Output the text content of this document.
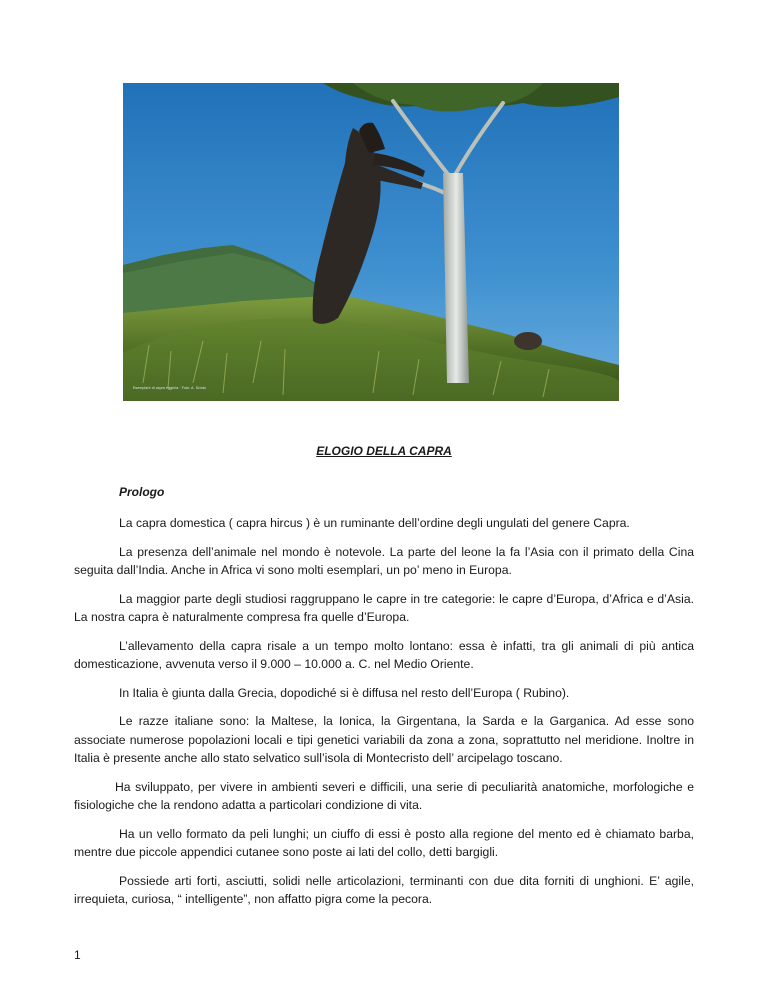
Esemplare di capra eggeria · Foto: A. Scintu
ELOGIO DELLA CAPRA
Prologo

La capra domestica ( capra hircus ) è un ruminante dell’ordine degli ungulati del genere Capra.

La presenza dell’animale nel mondo è notevole. La parte del leone la fa l’Asia con il primato della Cina seguita dall’India. Anche in Africa vi sono molti esemplari, un po’ meno in Europa.

La maggior parte degli studiosi raggruppano le capre in tre categorie: le capre d’Europa, d’Africa e d’Asia. La nostra capra è naturalmente compresa fra quelle d’Europa.

L’allevamento della capra risale a un tempo molto lontano: essa è infatti, tra gli animali di più antica domesticazione, avvenuta verso il 9.000 – 10.000 a. C. nel Medio Oriente.

In Italia è giunta dalla Grecia, dopodiché si è diffusa nel resto dell’Europa ( Rubino).

Le razze italiane sono: la Maltese, la Ionica, la Girgentana, la Sarda e la Garganica. Ad esse sono associate numerose popolazioni locali e tipi genetici variabili da zona a zona, soprattutto nel meridione. Inoltre in Italia è presente anche allo stato selvatico sull’isola di Montecristo dell’ arcipelago toscano.

Ha sviluppato, per vivere in ambienti severi e difficili, una serie di peculiarità anatomiche, morfologiche e fisiologiche che la rendono adatta a particolari condizione di vita.

Ha un vello formato da peli lunghi; un ciuffo di essi è posto alla regione del mento ed è chiamato barba, mentre due piccole appendici cutanee sono poste ai lati del collo, detti bargigli.

Possiede arti forti, asciutti, solidi nelle articolazioni, terminanti con due dita forniti di unghioni. E’ agile, irrequieta, curiosa, “ intelligente”, non affatto pigra come la pecora.

1
